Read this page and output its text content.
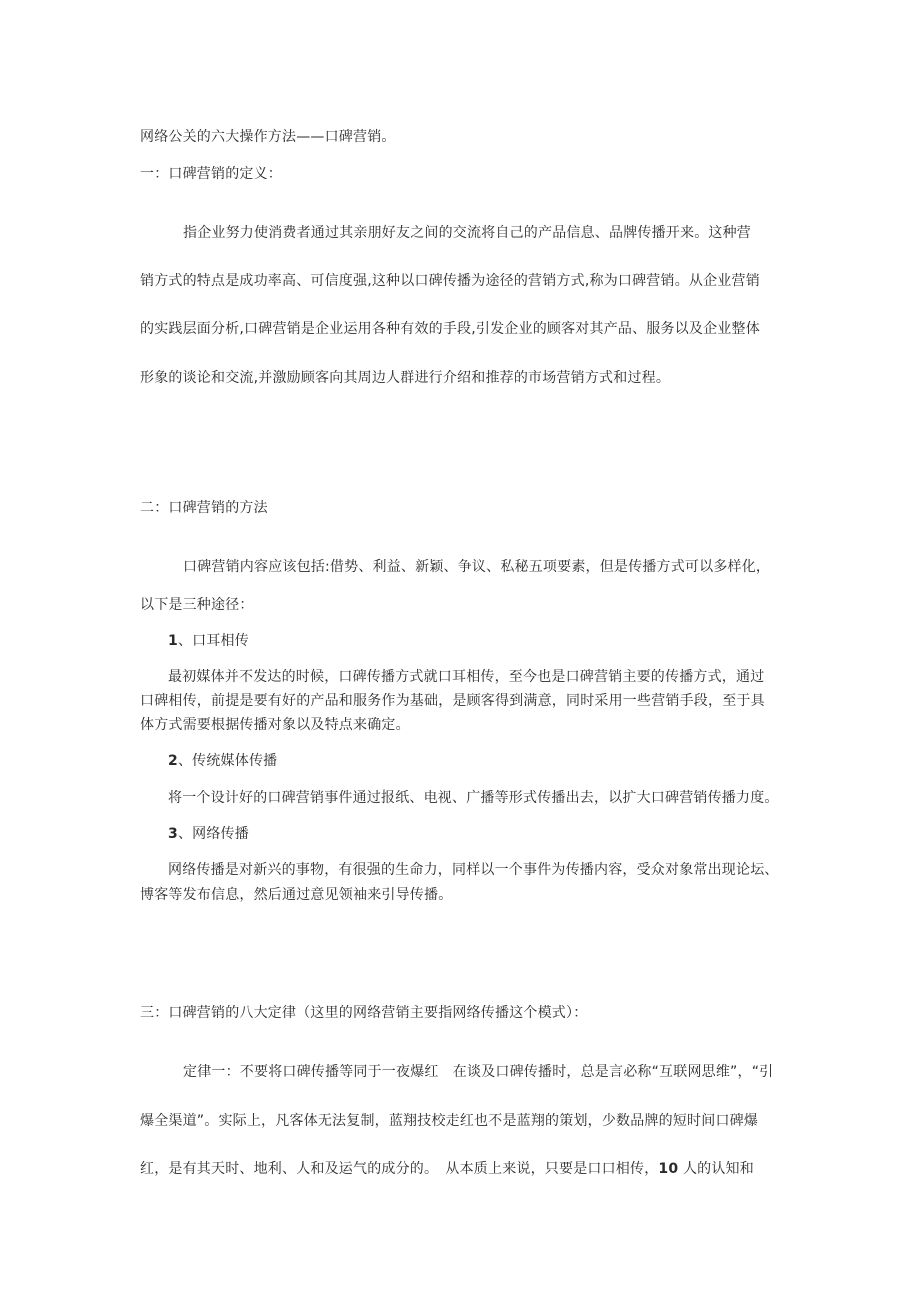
网络公关的六大操作方法——口碑营销。
一：口碑营销的定义：
指企业努力使消费者通过其亲朋好友之间的交流将自己的产品信息、品牌传播开来。这种营
销方式的特点是成功率高、可信度强,这种以口碑传播为途径的营销方式,称为口碑营销。从企业营销
的实践层面分析,口碑营销是企业运用各种有效的手段,引发企业的顾客对其产品、服务以及企业整体
形象的谈论和交流,并激励顾客向其周边人群进行介绍和推荐的市场营销方式和过程。
二：口碑营销的方法
口碑营销内容应该包括:借势、利益、新颖、争议、私秘五项要素，但是传播方式可以多样化，
以下是三种途径：
1、口耳相传
最初媒体并不发达的时候，口碑传播方式就口耳相传，至今也是口碑营销主要的传播方式，通过
口碑相传，前提是要有好的产品和服务作为基础，是顾客得到满意，同时采用一些营销手段，至于具
体方式需要根据传播对象以及特点来确定。
2、传统媒体传播
将一个设计好的口碑营销事件通过报纸、电视、广播等形式传播出去，以扩大口碑营销传播力度。
3、网络传播
网络传播是对新兴的事物，有很强的生命力，同样以一个事件为传播内容，受众对象常出现论坛、
博客等发布信息，然后通过意见领袖来引导传播。
三：口碑营销的八大定律（这里的网络营销主要指网络传播这个模式）：
定律一：不要将口碑传播等同于一夜爆红　在谈及口碑传播时，总是言必称“互联网思维”，“引
爆全渠道”。实际上，凡客体无法复制，蓝翔技校走红也不是蓝翔的策划，少数品牌的短时间口碑爆
红，是有其天时、地利、人和及运气的成分的。　从本质上来说，只要是口口相传，10 人的认知和
